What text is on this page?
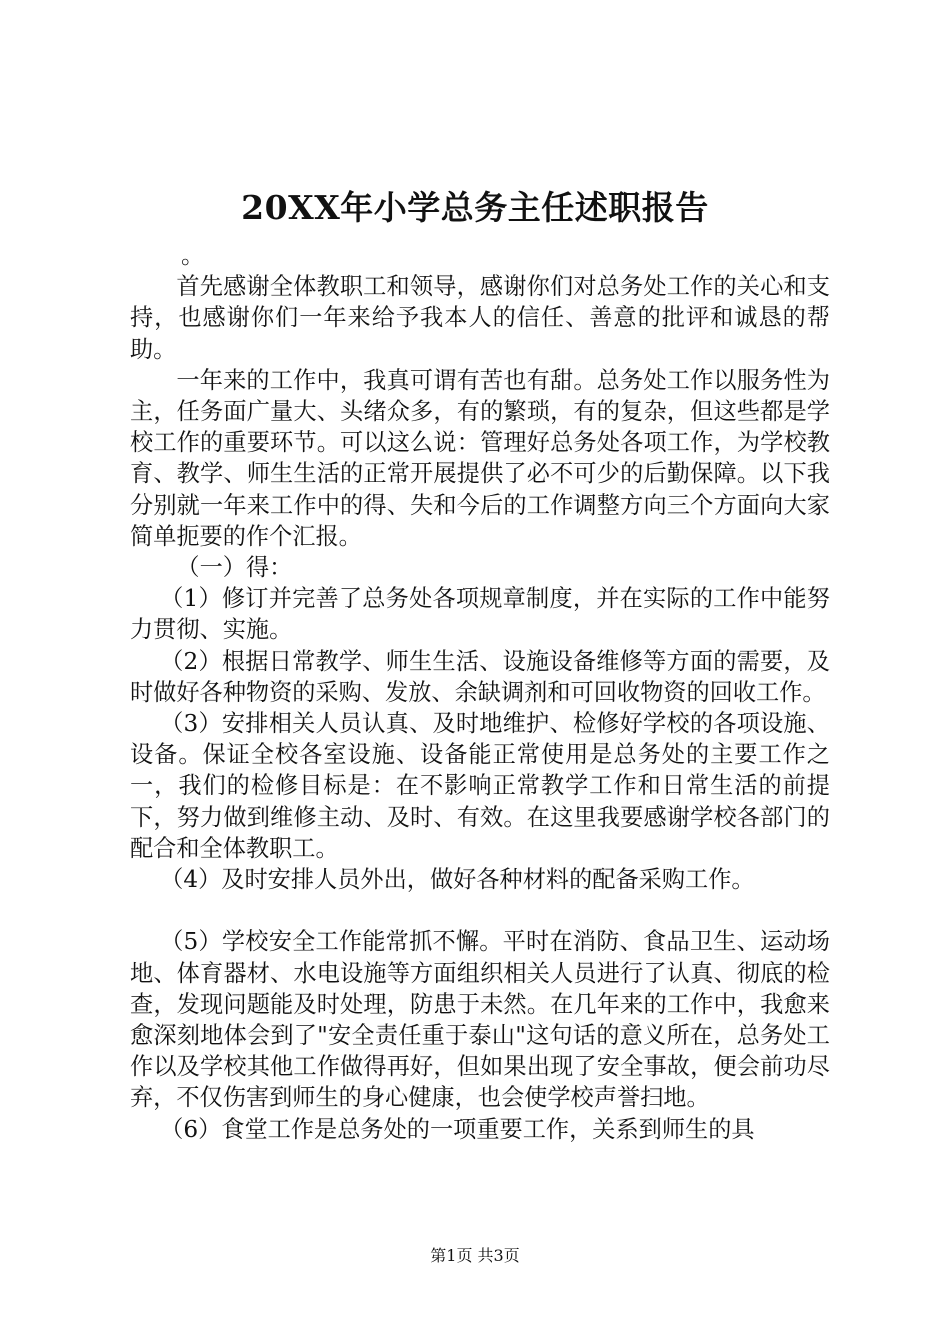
20XX年小学总务主任述职报告

。

首先感谢全体教职工和领导，感谢你们对总务处工作的关心和支持，也感谢你们一年来给予我本人的信任、善意的批评和诚恳的帮助。

一年来的工作中，我真可谓有苦也有甜。总务处工作以服务性为主，任务面广量大、头绪众多，有的繁琐，有的复杂，但这些都是学校工作的重要环节。可以这么说：管理好总务处各项工作，为学校教育、教学、师生生活的正常开展提供了必不可少的后勤保障。以下我分别就一年来工作中的得、失和今后的工作调整方向三个方面向大家简单扼要的作个汇报。

（一）得：

（1）修订并完善了总务处各项规章制度，并在实际的工作中能努力贯彻、实施。

（2）根据日常教学、师生生活、设施设备维修等方面的需要，及时做好各种物资的采购、发放、余缺调剂和可回收物资的回收工作。

（3）安排相关人员认真、及时地维护、检修好学校的各项设施、设备。保证全校各室设施、设备能正常使用是总务处的主要工作之一，我们的检修目标是：在不影响正常教学工作和日常生活的前提下，努力做到维修主动、及时、有效。在这里我要感谢学校各部门的配合和全体教职工。

（4）及时安排人员外出，做好各种材料的配备采购工作。

（5）学校安全工作能常抓不懈。平时在消防、食品卫生、运动场地、体育器材、水电设施等方面组织相关人员进行了认真、彻底的检查，发现问题能及时处理，防患于未然。在几年来的工作中，我愈来愈深刻地体会到了"安全责任重于泰山"这句话的意义所在，总务处工作以及学校其他工作做得再好，但如果出现了安全事故，便会前功尽弃，不仅伤害到师生的身心健康，也会使学校声誉扫地。

（6）食堂工作是总务处的一项重要工作，关系到师生的具

第1页 共3页
